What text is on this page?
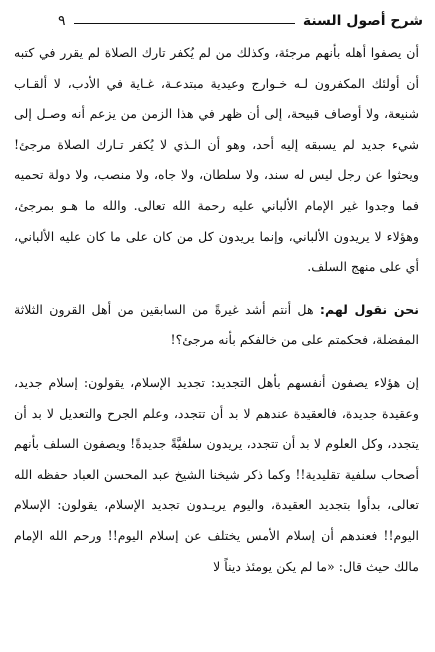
شرح أصول السنة
٩

أن يصفوا أهله بأنهم مرجئة، وكذلك من لم يُكفر تارك الصلاة لم يقرر في كتبه أن أولئك المكفرون لـه خـوارج وعيدية مبتدعـة، غـاية في الأدب، لا ألقـاب شنيعة، ولا أوصاف قبيحة، إلى أن ظهر في هذا الزمن من يزعم أنه وصـل إلى شيء جديد لم يسبقه إليه أحد، وهو أن الـذي لا يُكفر تـارك الصلاة مرجئ! ويحثوا عن رجل ليس له سند، ولا سلطان، ولا جاه، ولا منصب، ولا دولة تحميه فما وجدوا غير الإمام الألباني عليه رحمة الله تعالى. والله ما هـو بمرجئ، وهؤلاء لا يريدون الألباني، وإنما يريدون كل من كان على ما كان عليه الألباني، أي على منهج السلف.

نحن نقول لهم: هل أنتم أشد غيرةً من السابقين من أهل القرون الثلاثة المفضلة، فحكمتم على من خالفكم بأنه مرجئ؟!

إن هؤلاء يصفون أنفسهم بأهل التجديد: تجديد الإسلام، يقولون: إسلام جديد، وعقيدة جديدة، فالعقيدة عندهم لا بد أن تتجدد، وعلم الجرح والتعديل لا بد أن يتجدد، وكل العلوم لا بد أن تتجدد، يريدون سلفيَّةً جديدةً! ويصفون السلف بأنهم أصحاب سلفية تقليدية!! وكما ذكر شيخنا الشيخ عبد المحسن العباد حفظه الله تعالى، بدأوا بتجديد العقيدة، واليوم يريـدون تجديد الإسلام، يقولون: الإسلام اليوم!! فعندهم أن إسلام الأمس يختلف عن إسلام اليوم!! ورحم الله الإمام مالك حيث قال: «ما لم يكن يومئذ ديناً لا
